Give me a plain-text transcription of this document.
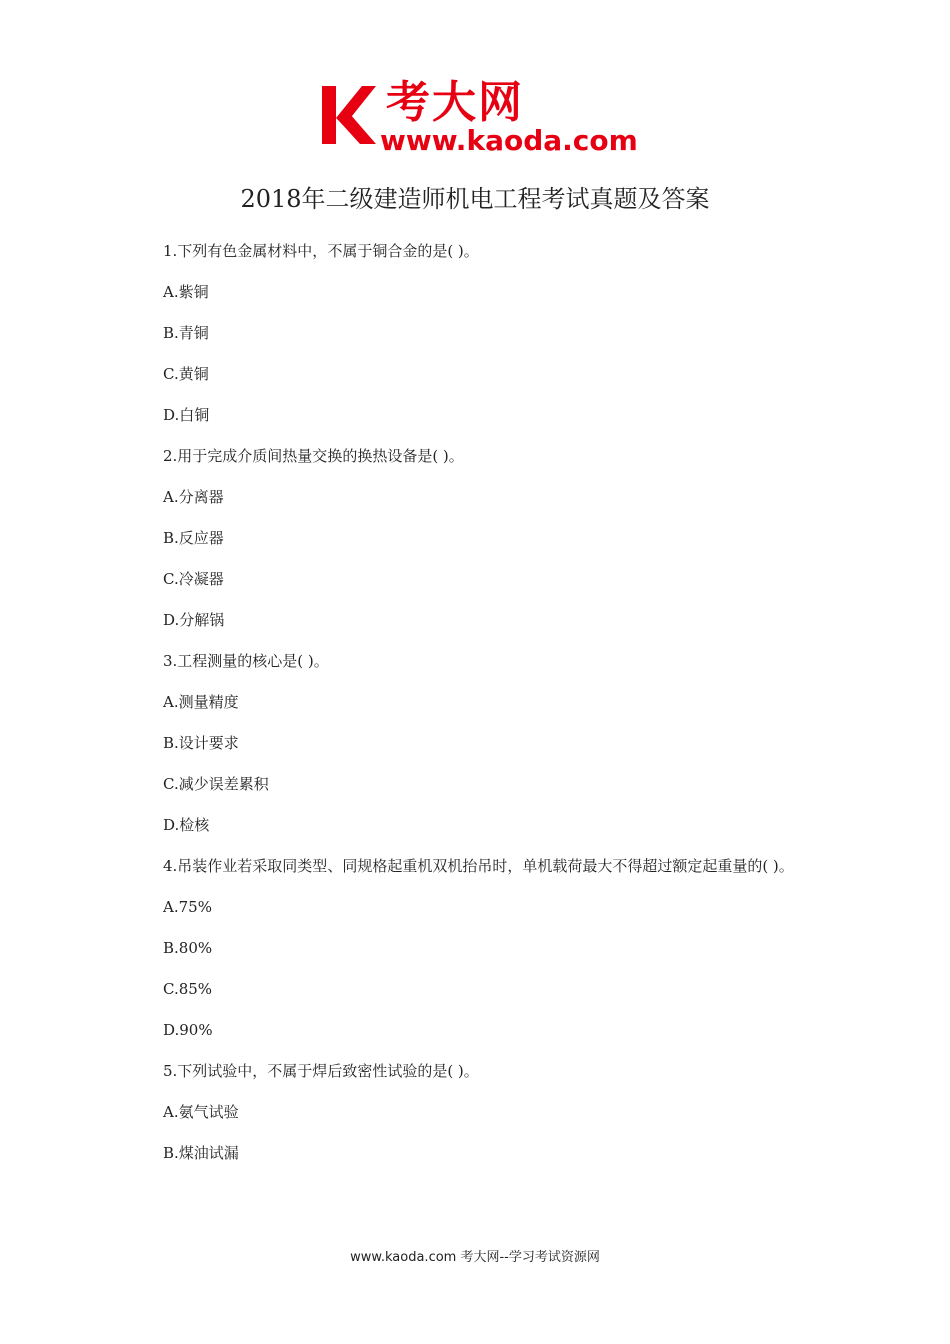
考大网
www.kaoda.com
2018年二级建造师机电工程考试真题及答案
1.下列有色金属材料中，不属于铜合金的是( )。
A.紫铜
B.青铜
C.黄铜
D.白铜
2.用于完成介质间热量交换的换热设备是( )。
A.分离器
B.反应器
C.冷凝器
D.分解锅
3.工程测量的核心是( )。
A.测量精度
B.设计要求
C.减少误差累积
D.检核
4.吊装作业若采取同类型、同规格起重机双机抬吊时，单机载荷最大不得超过额定起重量的( )。
A.75%
B.80%
C.85%
D.90%
5.下列试验中，不属于焊后致密性试验的是( )。
A.氨气试验
B.煤油试漏
www.kaoda.com 考大网--学习考试资源网
